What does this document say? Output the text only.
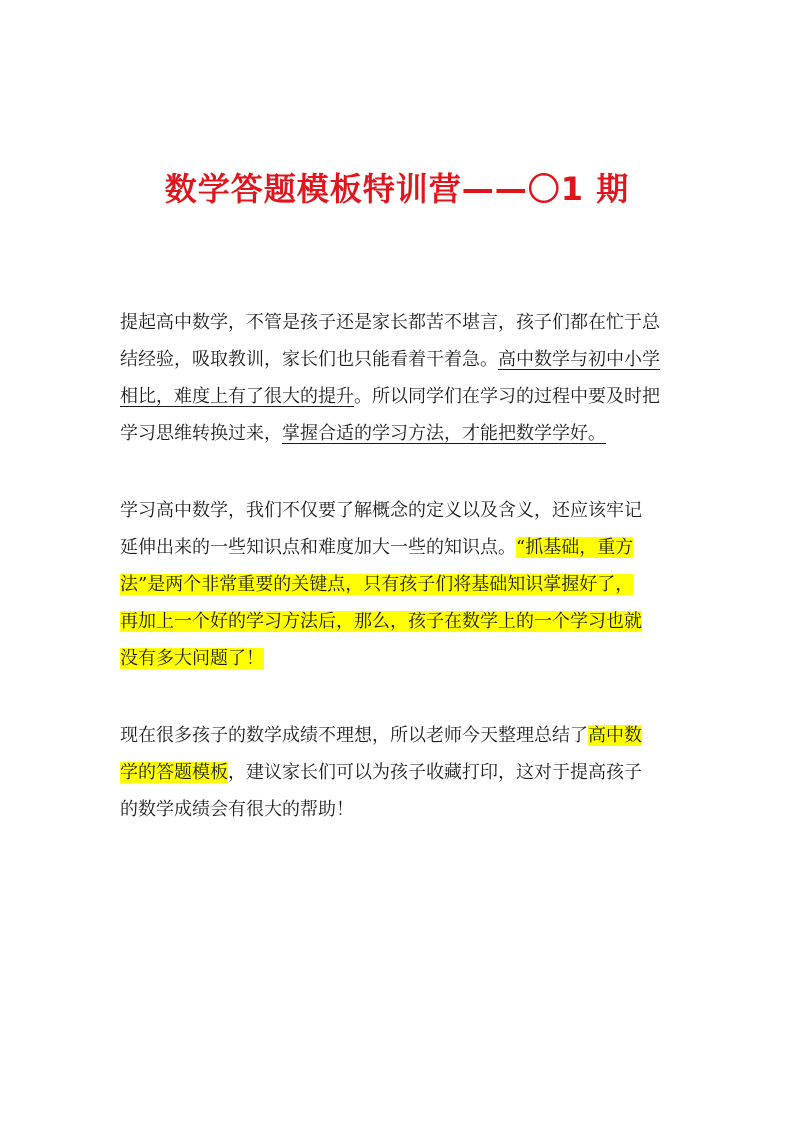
数学答题模板特训营——〇1 期
提起高中数学，不管是孩子还是家长都苦不堪言，孩子们都在忙于总
结经验，吸取教训，家长们也只能看着干着急。高中数学与初中小学
相比，难度上有了很大的提升。所以同学们在学习的过程中要及时把
学习思维转换过来，掌握合适的学习方法，才能把数学学好。
学习高中数学，我们不仅要了解概念的定义以及含义，还应该牢记
延伸出来的一些知识点和难度加大一些的知识点。“抓基础，重方
法”是两个非常重要的关键点，只有孩子们将基础知识掌握好了，
再加上一个好的学习方法后，那么，孩子在数学上的一个学习也就
没有多大问题了！
现在很多孩子的数学成绩不理想，所以老师今天整理总结了高中数
学的答题模板，建议家长们可以为孩子收藏打印，这对于提高孩子
的数学成绩会有很大的帮助！
